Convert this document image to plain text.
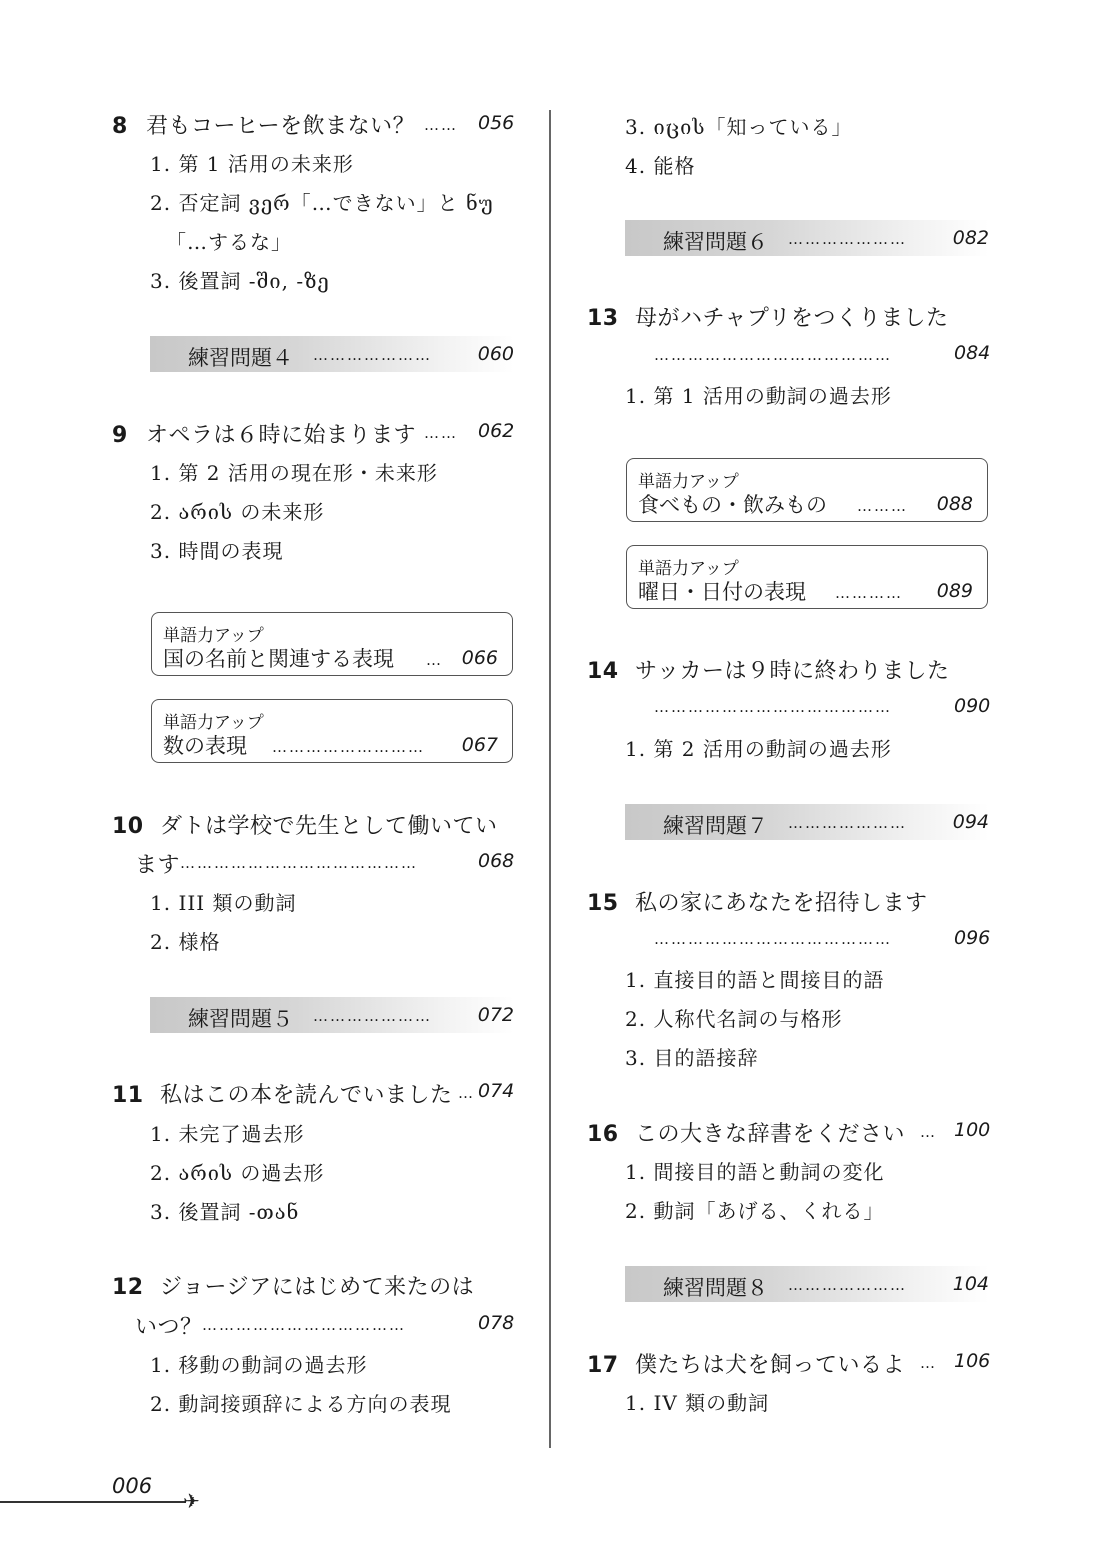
8 君もコーヒーを飲まない？ …… 056
1. 第 1 活用の未来形
2. 否定詞 ვერ「…できない」と ნუ
「…するな」
3. 後置詞 -ში, -ზე
練習問題４ ………………… 060
9 オペラは６時に始まります …… 062
1. 第 2 活用の現在形・未来形
2. არის の未来形
3. 時間の表現
単語力アップ
国の名前と関連する表現 … 066
単語力アップ
数の表現 ……………………… 067
10 ダトは学校で先生として働いてい
ます ……………………………………	068
1. III 類の動詞
2. 様格
練習問題５ ………………… 072
11 私はこの本を読んでいました … 074
1. 未完了過去形
2. არის の過去形
3. 後置詞 -თან
12 ジョージアにはじめて来たのは
いつ？ ………………………………	078
1. 移動の動詞の過去形
2. 動詞接頭辞による方向の表現
3. იცის「知っている」
4. 能格
練習問題６ ………………… 082
13 母がハチャプリをつくりました
……………………………………	084
1. 第 1 活用の動詞の過去形
単語力アップ
食べもの・飲みもの ……… 088
単語力アップ
曜日・日付の表現 ………… 089
14 サッカーは９時に終わりました
……………………………………	090
1. 第 2 活用の動詞の過去形
練習問題７ ………………… 094
15 私の家にあなたを招待します
……………………………………	096
1. 直接目的語と間接目的語
2. 人称代名詞の与格形
3. 目的語接辞
16 この大きな辞書をください … 100
1. 間接目的語と動詞の変化
2. 動詞「あげる、くれる」
練習問題８ ………………… 104
17 僕たちは犬を飼っているよ … 106
1. IV 類の動詞
006
✈
